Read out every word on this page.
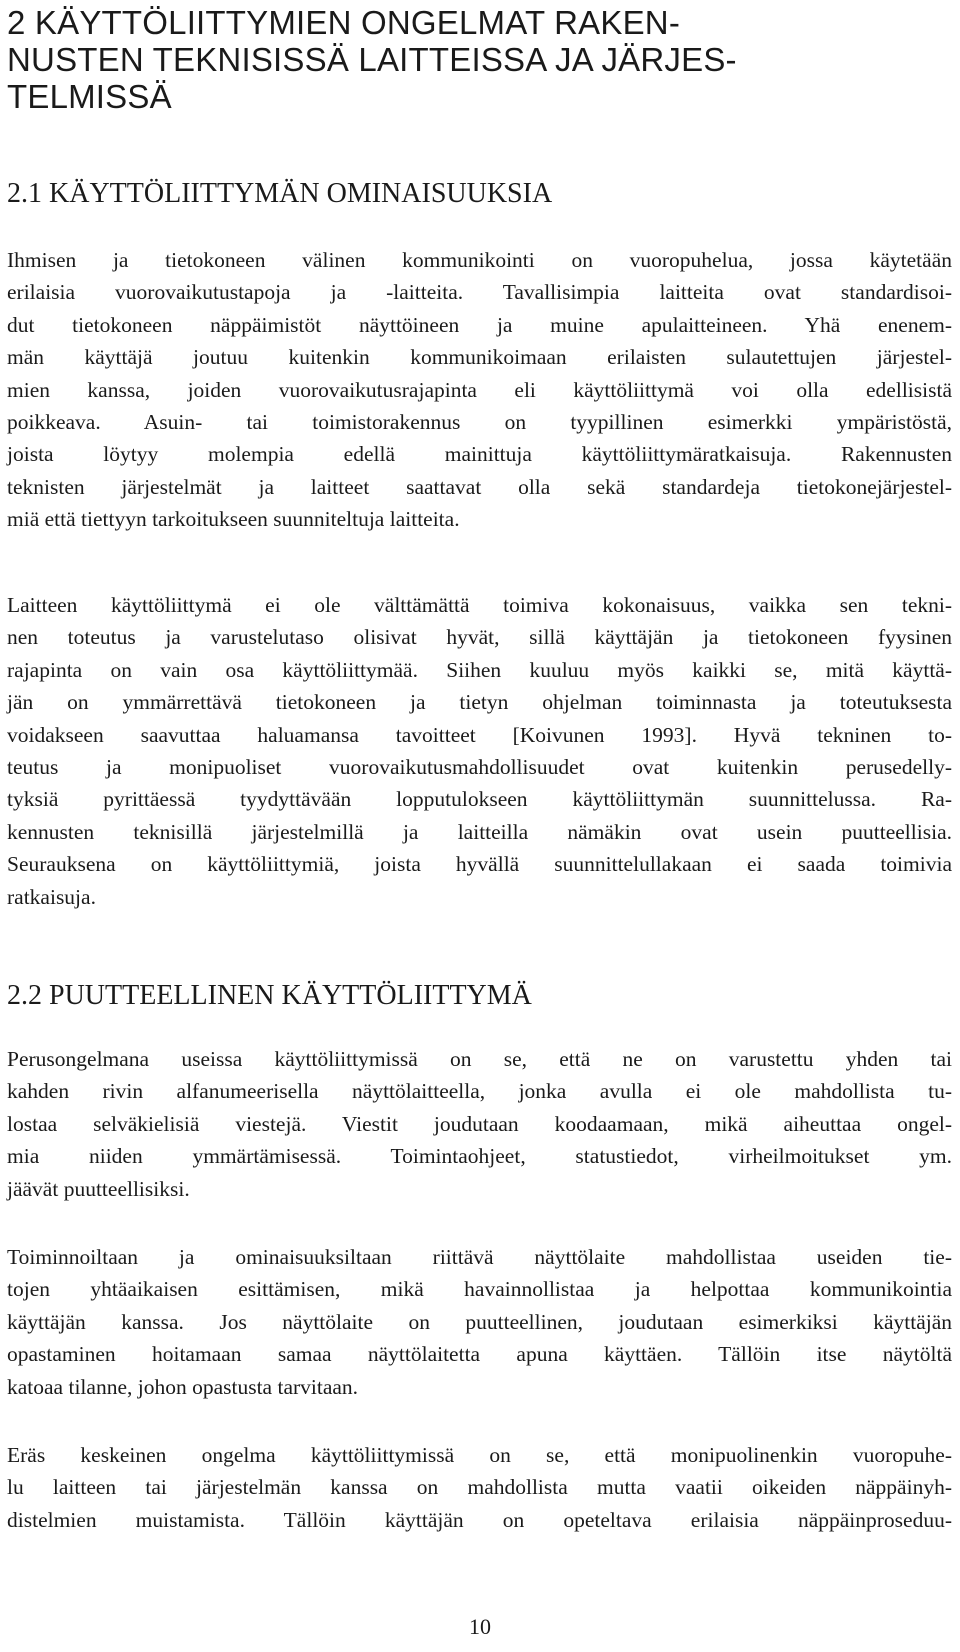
2 KÄYTTÖLIITTYMIEN ONGELMAT RAKEN-
NUSTEN TEKNISISSÄ LAITTEISSA JA JÄRJES-
TELMISSÄ
2.1 KÄYTTÖLIITTYMÄN OMINAISUUKSIA
Ihmisen ja tietokoneen välinen kommunikointi on vuoropuhelua, jossa käytetään
erilaisia vuorovaikutustapoja ja -laitteita. Tavallisimpia laitteita ovat standardisoi-
dut tietokoneen näppäimistöt näyttöineen ja muine apulaitteineen. Yhä enenem-
män käyttäjä joutuu kuitenkin kommunikoimaan erilaisten sulautettujen järjestel-
mien kanssa, joiden vuorovaikutusrajapinta eli käyttöliittymä voi olla edellisistä
poikkeava. Asuin- tai toimistorakennus on tyypillinen esimerkki ympäristöstä,
joista löytyy molempia edellä mainittuja käyttöliittymäratkaisuja. Rakennusten
teknisten järjestelmät ja laitteet saattavat olla sekä standardeja tietokonejärjestel-
miä että tiettyyn tarkoitukseen suunniteltuja laitteita.
Laitteen käyttöliittymä ei ole välttämättä toimiva kokonaisuus, vaikka sen tekni-
nen toteutus ja varustelutaso olisivat hyvät, sillä käyttäjän ja tietokoneen fyysinen
rajapinta on vain osa käyttöliittymää. Siihen kuuluu myös kaikki se, mitä käyttä-
jän on ymmärrettävä tietokoneen ja tietyn ohjelman toiminnasta ja toteutuksesta
voidakseen saavuttaa haluamansa tavoitteet [Koivunen 1993]. Hyvä tekninen to-
teutus ja monipuoliset vuorovaikutusmahdollisuudet ovat kuitenkin perusedelly-
tyksiä pyrittäessä tyydyttävään lopputulokseen käyttöliittymän suunnittelussa. Ra-
kennusten teknisillä järjestelmillä ja laitteilla nämäkin ovat usein puutteellisia.
Seurauksena on käyttöliittymiä, joista hyvällä suunnittelullakaan ei saada toimivia
ratkaisuja.
2.2 PUUTTEELLINEN KÄYTTÖLIITTYMÄ
Perusongelmana useissa käyttöliittymissä on se, että ne on varustettu yhden tai
kahden rivin alfanumeerisella näyttölaitteella, jonka avulla ei ole mahdollista tu-
lostaa selväkielisiä viestejä. Viestit joudutaan koodaamaan, mikä aiheuttaa ongel-
mia niiden ymmärtämisessä. Toimintaohjeet, statustiedot, virheilmoitukset ym.
jäävät puutteellisiksi.
Toiminnoiltaan ja ominaisuuksiltaan riittävä näyttölaite mahdollistaa useiden tie-
tojen yhtäaikaisen esittämisen, mikä havainnollistaa ja helpottaa kommunikointia
käyttäjän kanssa. Jos näyttölaite on puutteellinen, joudutaan esimerkiksi käyttäjän
opastaminen hoitamaan samaa näyttölaitetta apuna käyttäen. Tällöin itse näytöltä
katoaa tilanne, johon opastusta tarvitaan.
Eräs keskeinen ongelma käyttöliittymissä on se, että monipuolinenkin vuoropuhe-
lu laitteen tai järjestelmän kanssa on mahdollista mutta vaatii oikeiden näppäinyh-
distelmien muistamista. Tällöin käyttäjän on opeteltava erilaisia näppäinproseduu-
10
